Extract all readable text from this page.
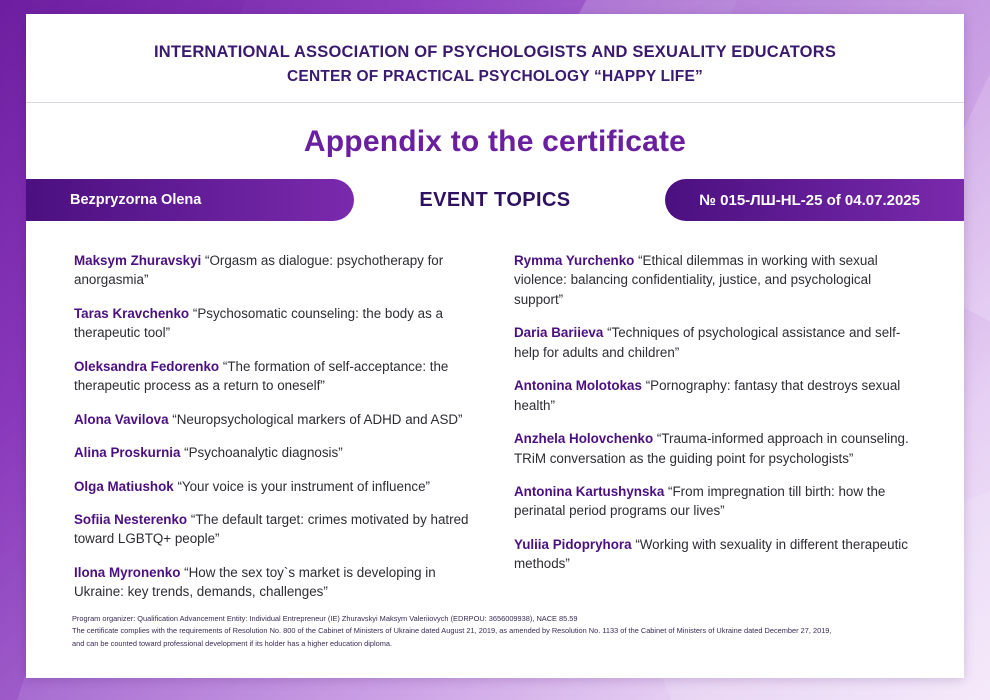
INTERNATIONAL ASSOCIATION OF PSYCHOLOGISTS AND SEXUALITY EDUCATORS
CENTER OF PRACTICAL PSYCHOLOGY “HAPPY LIFE”
Appendix to the certificate
EVENT TOPICS
Bezpryzorna Olena	№ 015-ЛШ-HL-25 of 04.07.2025
Maksym Zhuravskyi “Orgasm as dialogue: psychotherapy for anorgasmia”
Taras Kravchenko “Psychosomatic counseling: the body as a therapeutic tool”
Oleksandra Fedorenko “The formation of self-acceptance: the therapeutic process as a return to oneself”
Alona Vavilova “Neuropsychological markers of ADHD and ASD”
Alina Proskurnia “Psychoanalytic diagnosis”
Olga Matiushok “Your voice is your instrument of influence”
Sofiia Nesterenko “The default target: crimes motivated by hatred toward LGBTQ+ people”
Ilona Myronenko “How the sex toy`s market is developing in Ukraine: key trends, demands, challenges”
Rymma Yurchenko “Ethical dilemmas in working with sexual violence: balancing confidentiality, justice, and psychological support”
Daria Bariieva “Techniques of psychological assistance and self-help for adults and children”
Antonina Molotokas “Pornography: fantasy that destroys sexual health”
Anzhela Holovchenko “Trauma-informed approach in counseling. TRiM conversation as the guiding point for psychologists”
Antonina Kartushynska “From impregnation till birth: how the perinatal period programs our lives”
Yuliia Pidopryhora “Working with sexuality in different therapeutic methods”
Program organizer: Qualification Advancement Entity: Individual Entrepreneur (IE) Zhuravskyi Maksym Valeriiovych (EDRPOU: 3656009938), NACE 85.59
The certificate complies with the requirements of Resolution No. 800 of the Cabinet of Ministers of Ukraine dated August 21, 2019, as amended by Resolution No. 1133 of the Cabinet of Ministers of Ukraine dated December 27, 2019,
and can be counted toward professional development if its holder has a higher education diploma.
